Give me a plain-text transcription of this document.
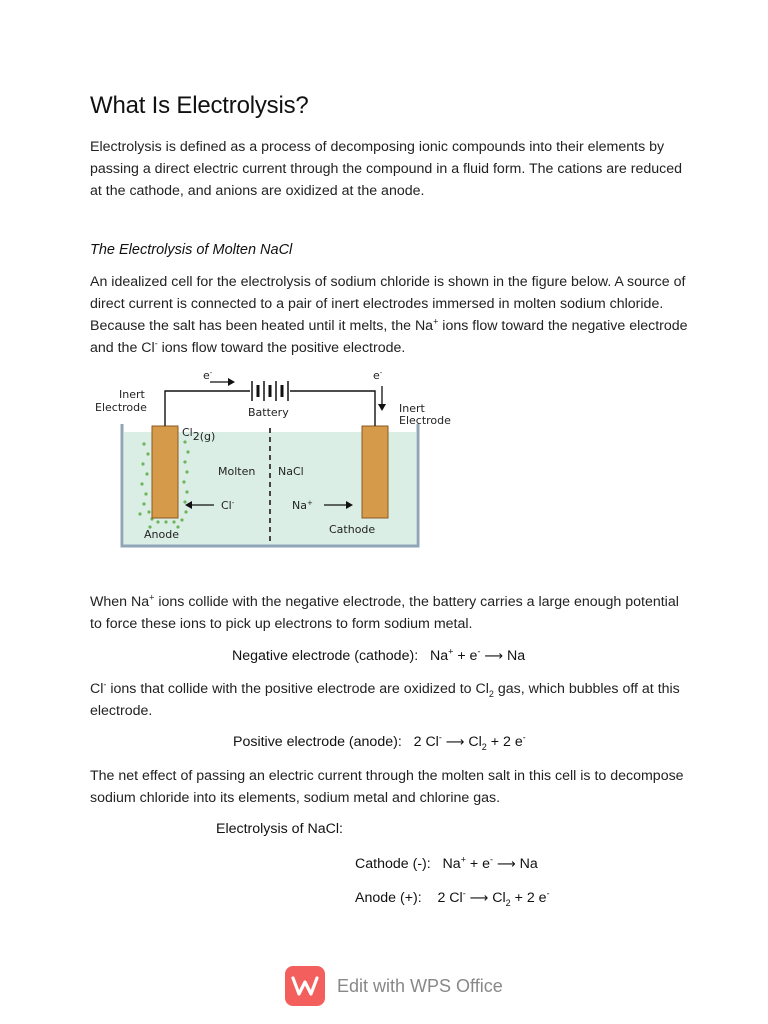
What Is Electrolysis?

Electrolysis is defined as a process of decomposing ionic compounds into their elements by passing a direct electric current through the compound in a fluid form. The cations are reduced at the cathode, and anions are oxidized at the anode.

The Electrolysis of Molten NaCl

An idealized cell for the electrolysis of sodium chloride is shown in the figure below. A source of direct current is connected to a pair of inert electrodes immersed in molten sodium chloride. Because the salt has been heated until it melts, the Na+ ions flow toward the negative electrode and the Cl- ions flow toward the positive electrode.

e-	e-
Inert
Electrode	Battery	Inert
Electrode
Cl2(g)
Molten NaCl
Cl-	Na+
Anode	Cathode

When Na+ ions collide with the negative electrode, the battery carries a large enough potential to force these ions to pick up electrons to form sodium metal.

Negative electrode (cathode): Na+ + e- ⟶ Na

Cl- ions that collide with the positive electrode are oxidized to $Cl_2$ gas, which bubbles off at this electrode.

Positive electrode (anode): 2 Cl- ⟶ $Cl_2 + 2$ e-

The net effect of passing an electric current through the molten salt in this cell is to decompose sodium chloride into its elements, sodium metal and chlorine gas.

Electrolysis of NaCl:
Cathode (-): Na+ + e- ⟶ Na
Anode (+): 2 Cl- ⟶ $Cl_2 + 2$ e-
Edit with WPS Office
